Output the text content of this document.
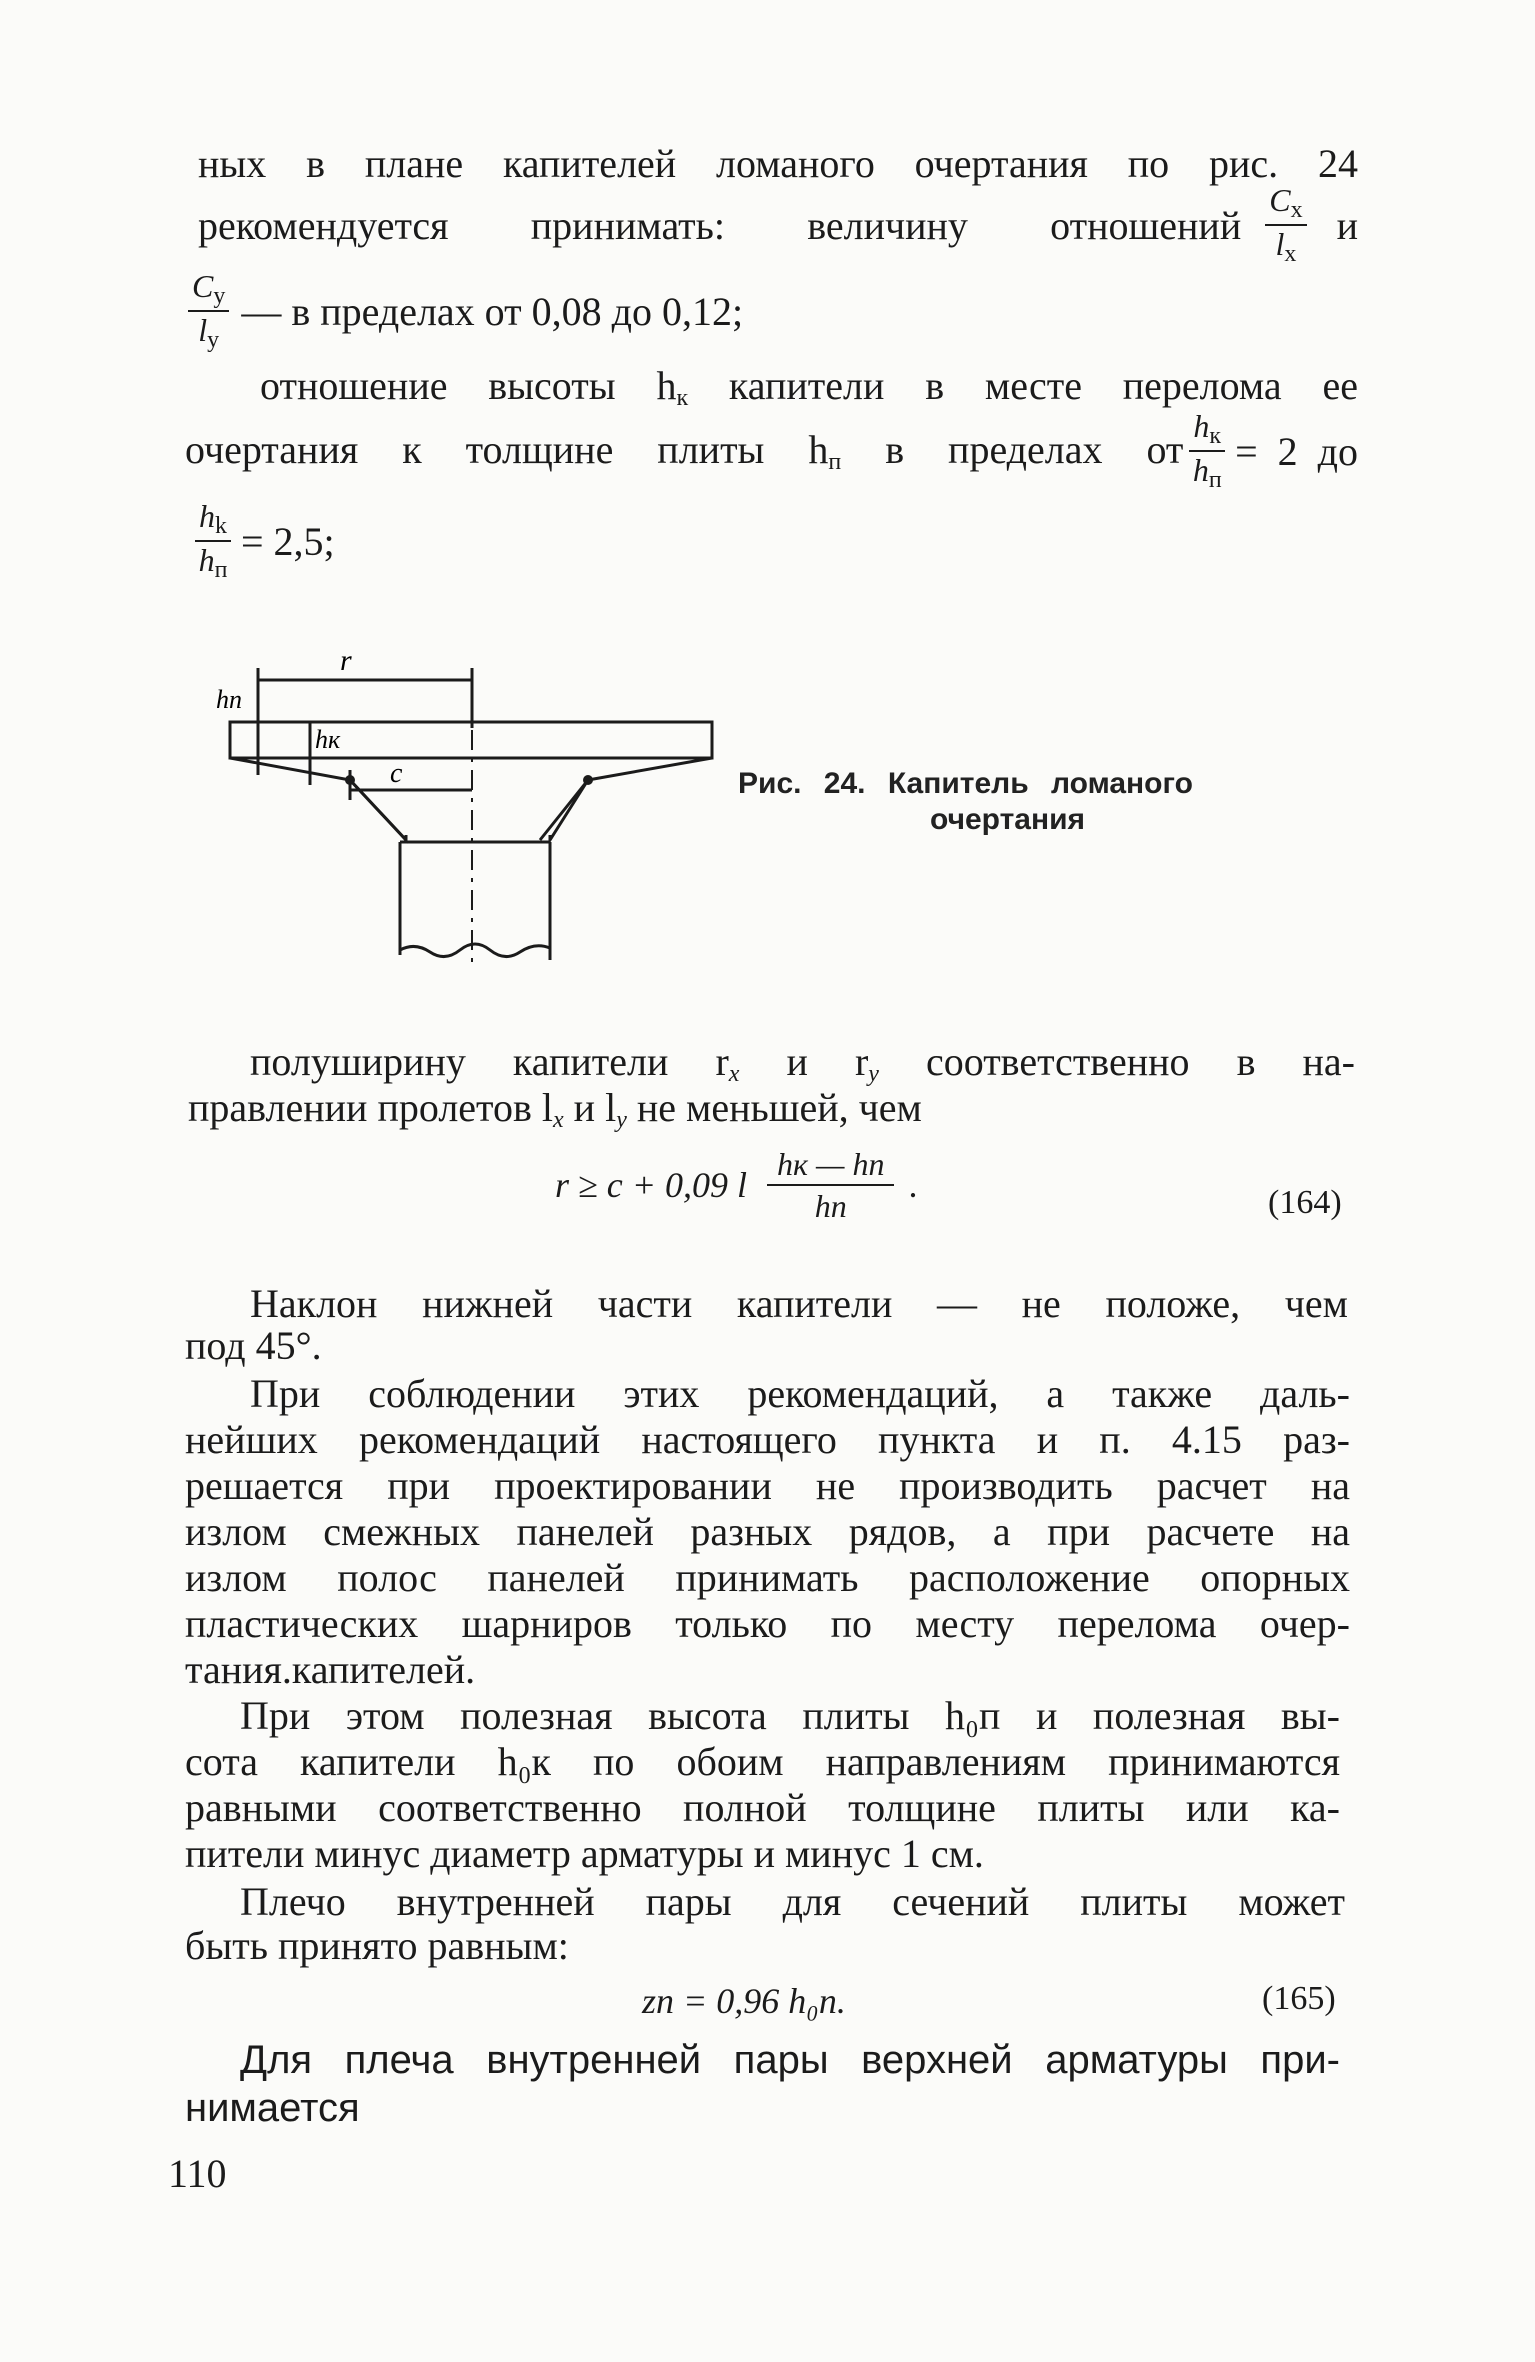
ных в плане капителей ломаного очертания по рис. 24
рекомендуется принимать: величину отношений $\frac{C_x}{l_x}$ и
$\frac{C_y}{l_y}$ — в пределах от 0,08 до 0,12;
отношение высоты $h_к$ капители в месте перелома ее
очертания к толщине плиты $h_п$ в пределах от $\frac{h_к}{h_п} = 2$ до
$\frac{h_k}{h_п} = 2,5$;
r
hп
hк
c	Рис. 24. Капитель ломаного
очертания
полуширину капители $r_x$ и $r_y$ соответственно в на-
правлении пролетов $l_x$ и $l_y$ не меньшей, чем
r ≥ c + 0,09 l $\frac{hк — hп}{hп}$ .	(164)
Наклон нижней части капители — не положе, чем
под 45°.
При соблюдении этих рекомендаций, а также даль-
нейших рекомендаций настоящего пункта и п. 4.15 раз-
решается при проектировании не производить расчет на
излом смежных панелей разных рядов, а при расчете на
излом полос панелей принимать расположение опорных
пластических шарниров только по месту перелома очер-
тания.капителей.
При этом полезная высота плиты h₀п и полезная вы-
сота капители h₀к по обоим направлениям принимаются
равными соответственно полной толщине плиты или ка-
пители минус диаметр арматуры и минус 1 см.
Плечо внутренней пары для сечений плиты может
быть принято равным:
zп = 0,96 h₀п.	(165)
Для плеча внутренней пары верхней арматуры при-
нимается
110
